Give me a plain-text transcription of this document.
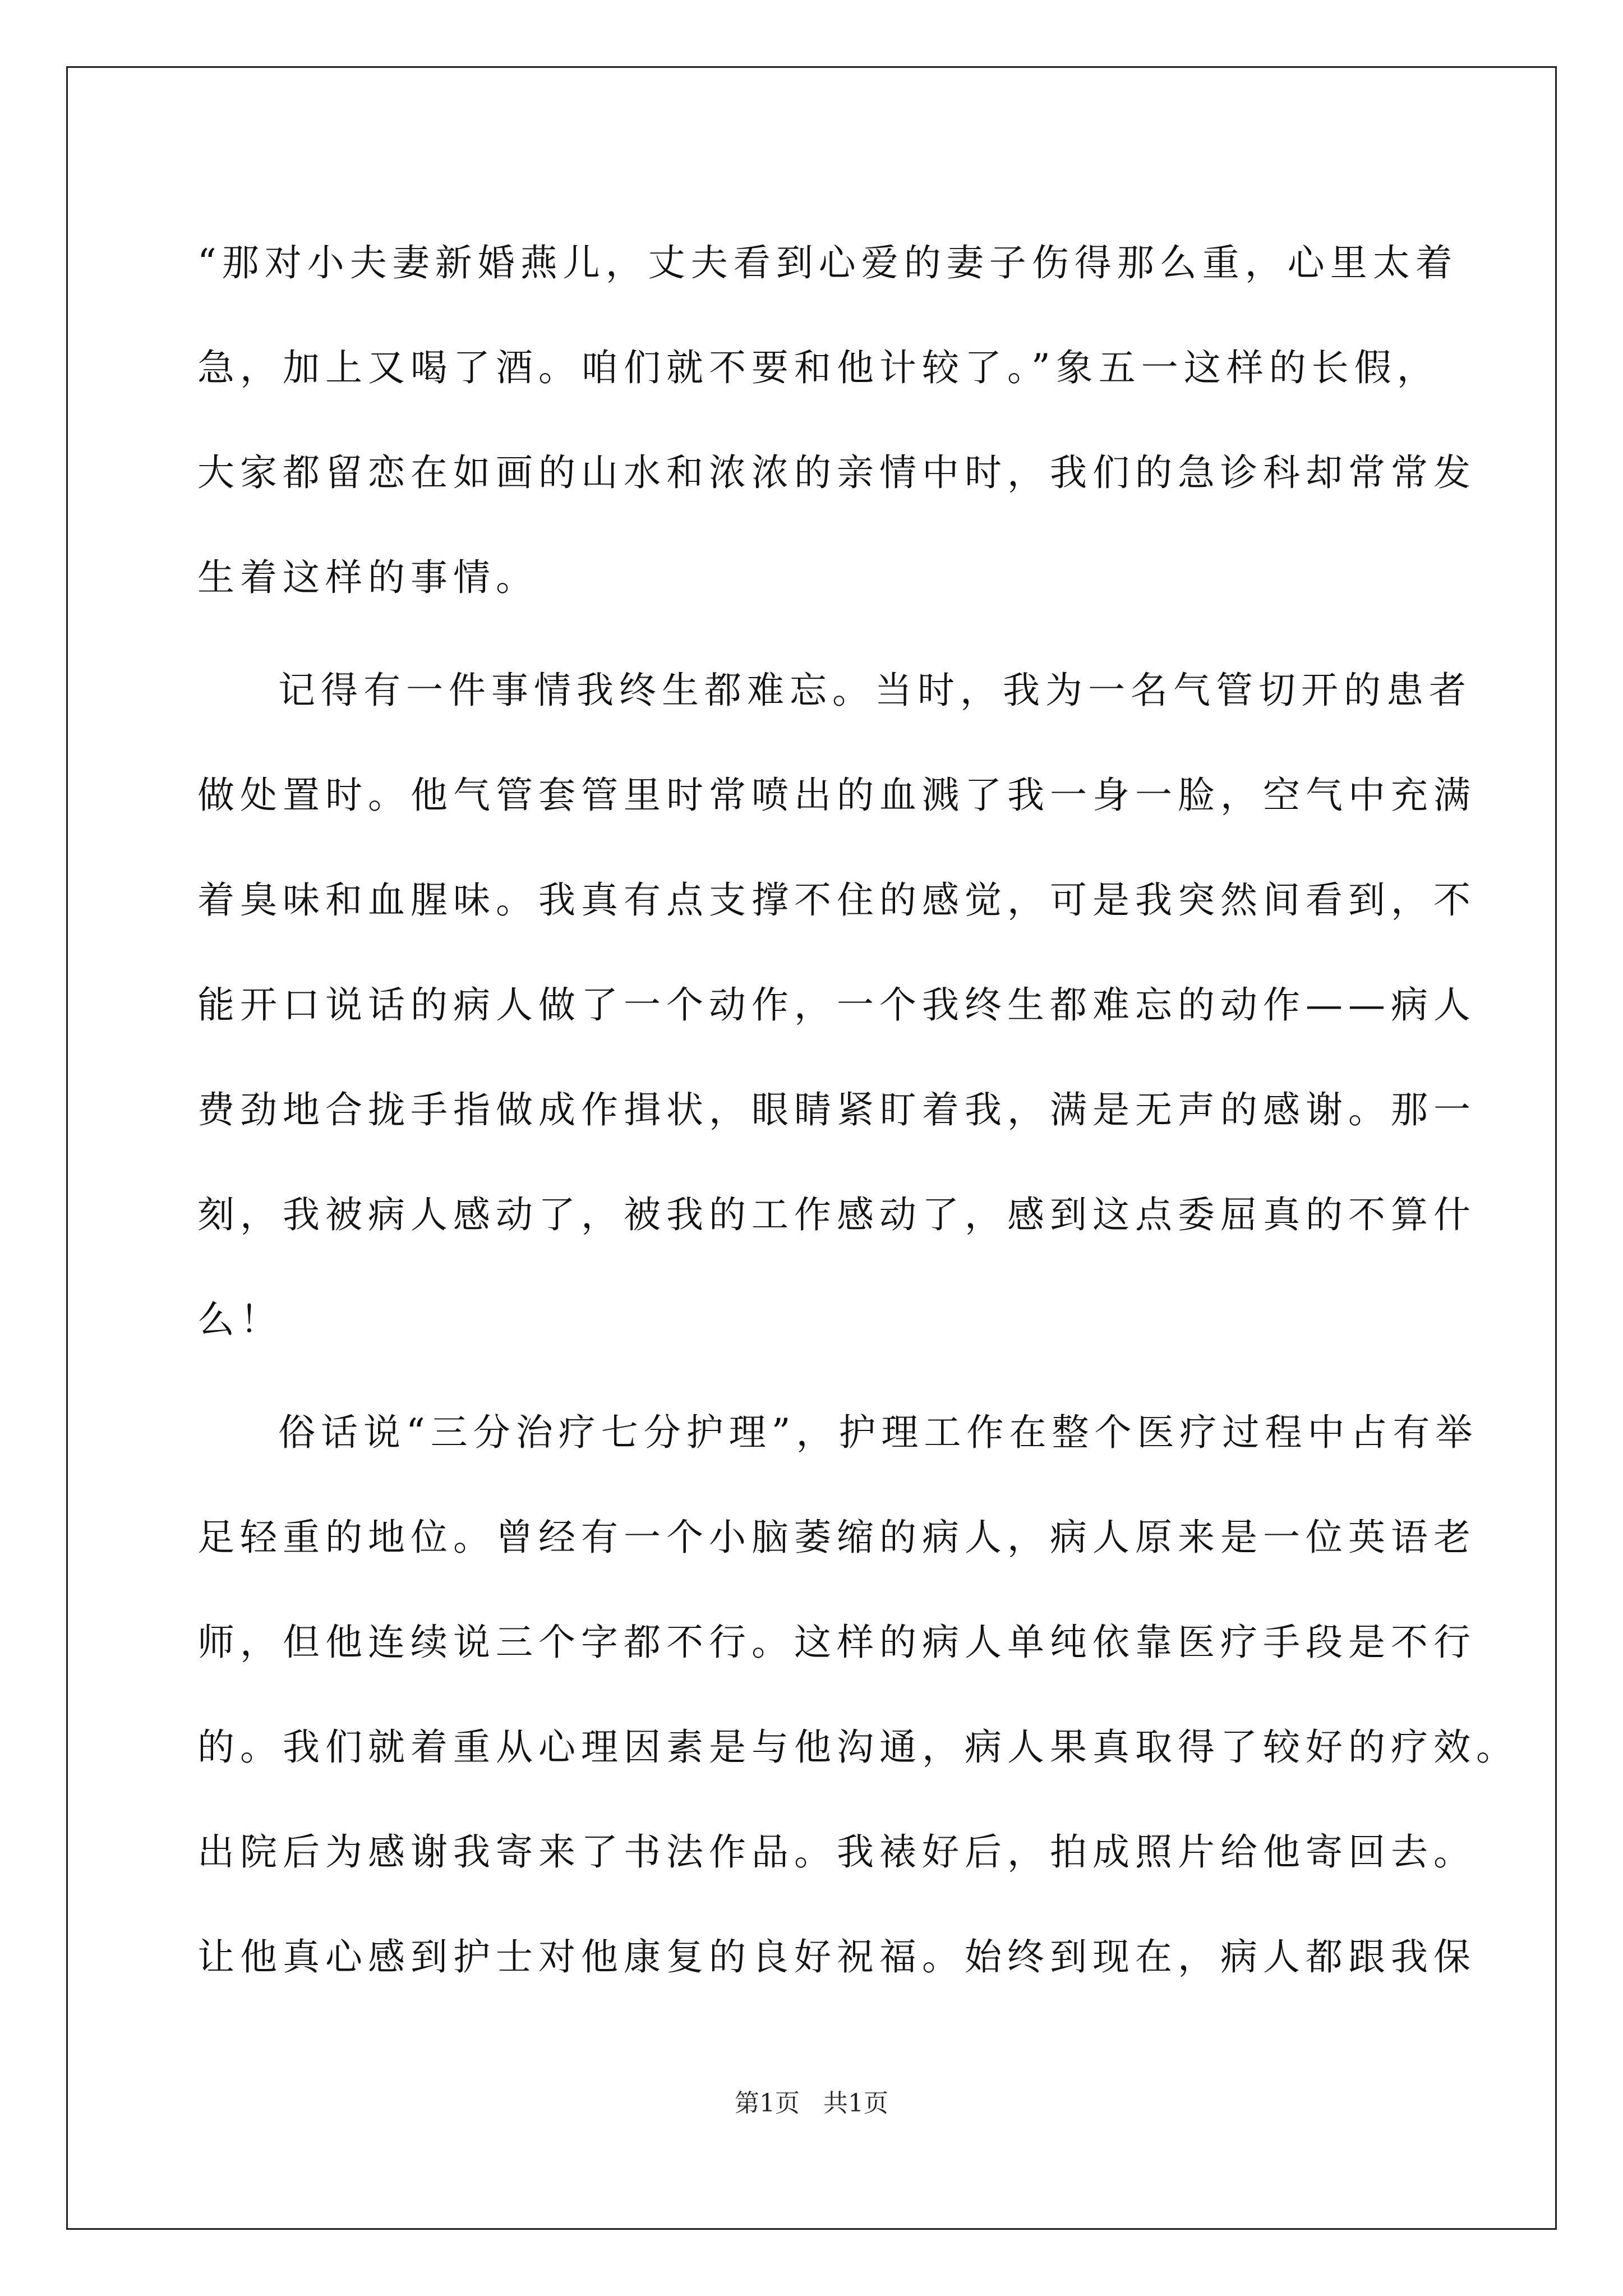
“那对小夫妻新婚燕儿，丈夫看到心爱的妻子伤得那么重，心里太着
急，加上又喝了酒。咱们就不要和他计较了。”象五一这样的长假，
大家都留恋在如画的山水和浓浓的亲情中时，我们的急诊科却常常发
生着这样的事情。
记得有一件事情我终生都难忘。当时，我为一名气管切开的患者
做处置时。他气管套管里时常喷出的血溅了我一身一脸，空气中充满
着臭味和血腥味。我真有点支撑不住的感觉，可是我突然间看到，不
能开口说话的病人做了一个动作，一个我终生都难忘的动作——病人
费劲地合拢手指做成作揖状，眼睛紧盯着我，满是无声的感谢。那一
刻，我被病人感动了，被我的工作感动了，感到这点委屈真的不算什
么！
俗话说“三分治疗七分护理”，护理工作在整个医疗过程中占有举
足轻重的地位。曾经有一个小脑萎缩的病人，病人原来是一位英语老
师，但他连续说三个字都不行。这样的病人单纯依靠医疗手段是不行
的。我们就着重从心理因素是与他沟通，病人果真取得了较好的疗效。
出院后为感谢我寄来了书法作品。我裱好后，拍成照片给他寄回去。
让他真心感到护士对他康复的良好祝福。始终到现在，病人都跟我保
第1页   共1页
